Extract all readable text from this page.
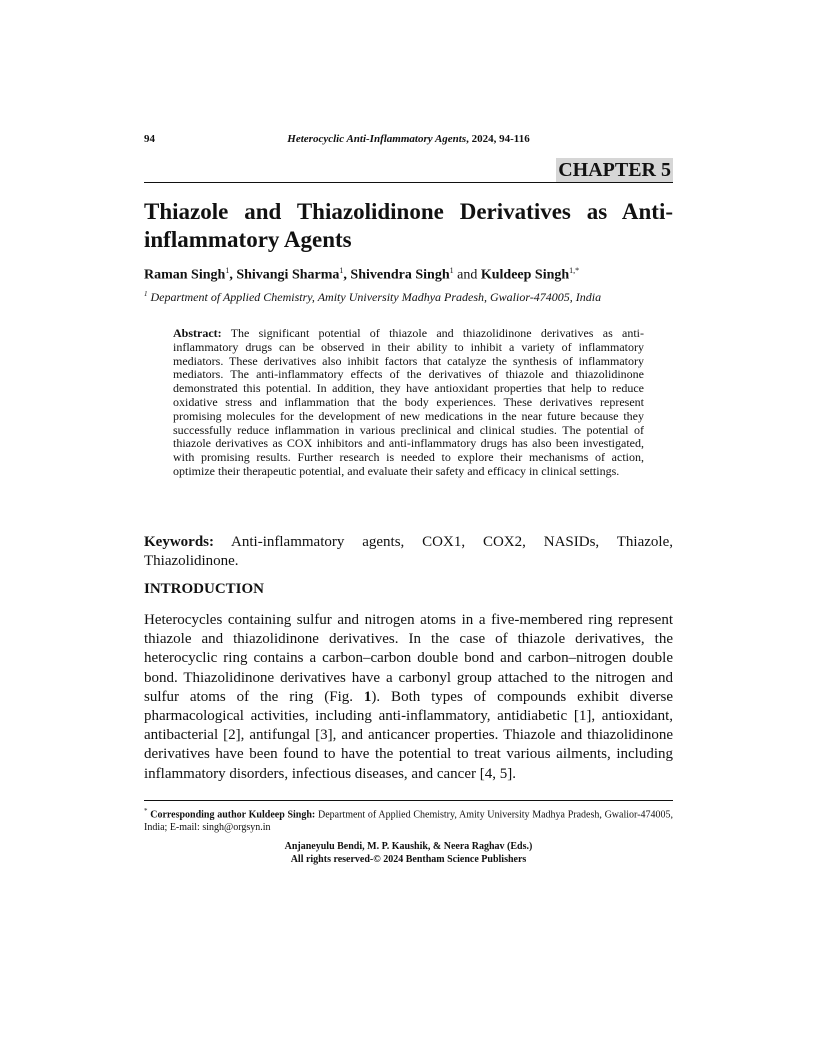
94	Heterocyclic Anti-Inflammatory Agents, 2024, 94-116
CHAPTER 5
Thiazole and Thiazolidinone Derivatives as Anti-inflammatory Agents
Raman Singh$^1$, Shivangi Sharma$^1$, Shivendra Singh$^1$ and Kuldeep Singh$^{1,*}$
$^1$ Department of Applied Chemistry, Amity University Madhya Pradesh, Gwalior-474005, India

Abstract: The significant potential of thiazole and thiazolidinone derivatives as anti-inflammatory drugs can be observed in their ability to inhibit a variety of inflammatory mediators. These derivatives also inhibit factors that catalyze the synthesis of inflammatory mediators. The anti-inflammatory effects of the derivatives of thiazole and thiazolidinone demonstrated this potential. In addition, they have antioxidant properties that help to reduce oxidative stress and inflammation that the body experiences. These derivatives represent promising molecules for the development of new medications in the near future because they successfully reduce inflammation in various preclinical and clinical studies. The potential of thiazole derivatives as COX inhibitors and anti-inflammatory drugs has also been investigated, with promising results. Further research is needed to explore their mechanisms of action, optimize their therapeutic potential, and evaluate their safety and efficacy in clinical settings.

Keywords: Anti-inflammatory agents, COX1, COX2, NASIDs, Thiazole, Thiazolidinone.

INTRODUCTION

Heterocycles containing sulfur and nitrogen atoms in a five-membered ring represent thiazole and thiazolidinone derivatives. In the case of thiazole derivatives, the heterocyclic ring contains a carbon–carbon double bond and carbon–nitrogen double bond. Thiazolidinone derivatives have a carbonyl group attached to the nitrogen and sulfur atoms of the ring (Fig. 1). Both types of compounds exhibit diverse pharmacological activities, including anti-inflammatory, antidiabetic [1], antioxidant, antibacterial [2], antifungal [3], and anticancer properties. Thiazole and thiazolidinone derivatives have been found to have the potential to treat various ailments, including inflammatory disorders, infectious diseases, and cancer [4, 5].

* Corresponding author Kuldeep Singh: Department of Applied Chemistry, Amity University Madhya Pradesh, Gwalior-474005, India; E-mail: singh@orgsyn.in

Anjaneyulu Bendi, M. P. Kaushik, & Neera Raghav (Eds.)
All rights reserved-© 2024 Bentham Science Publishers
